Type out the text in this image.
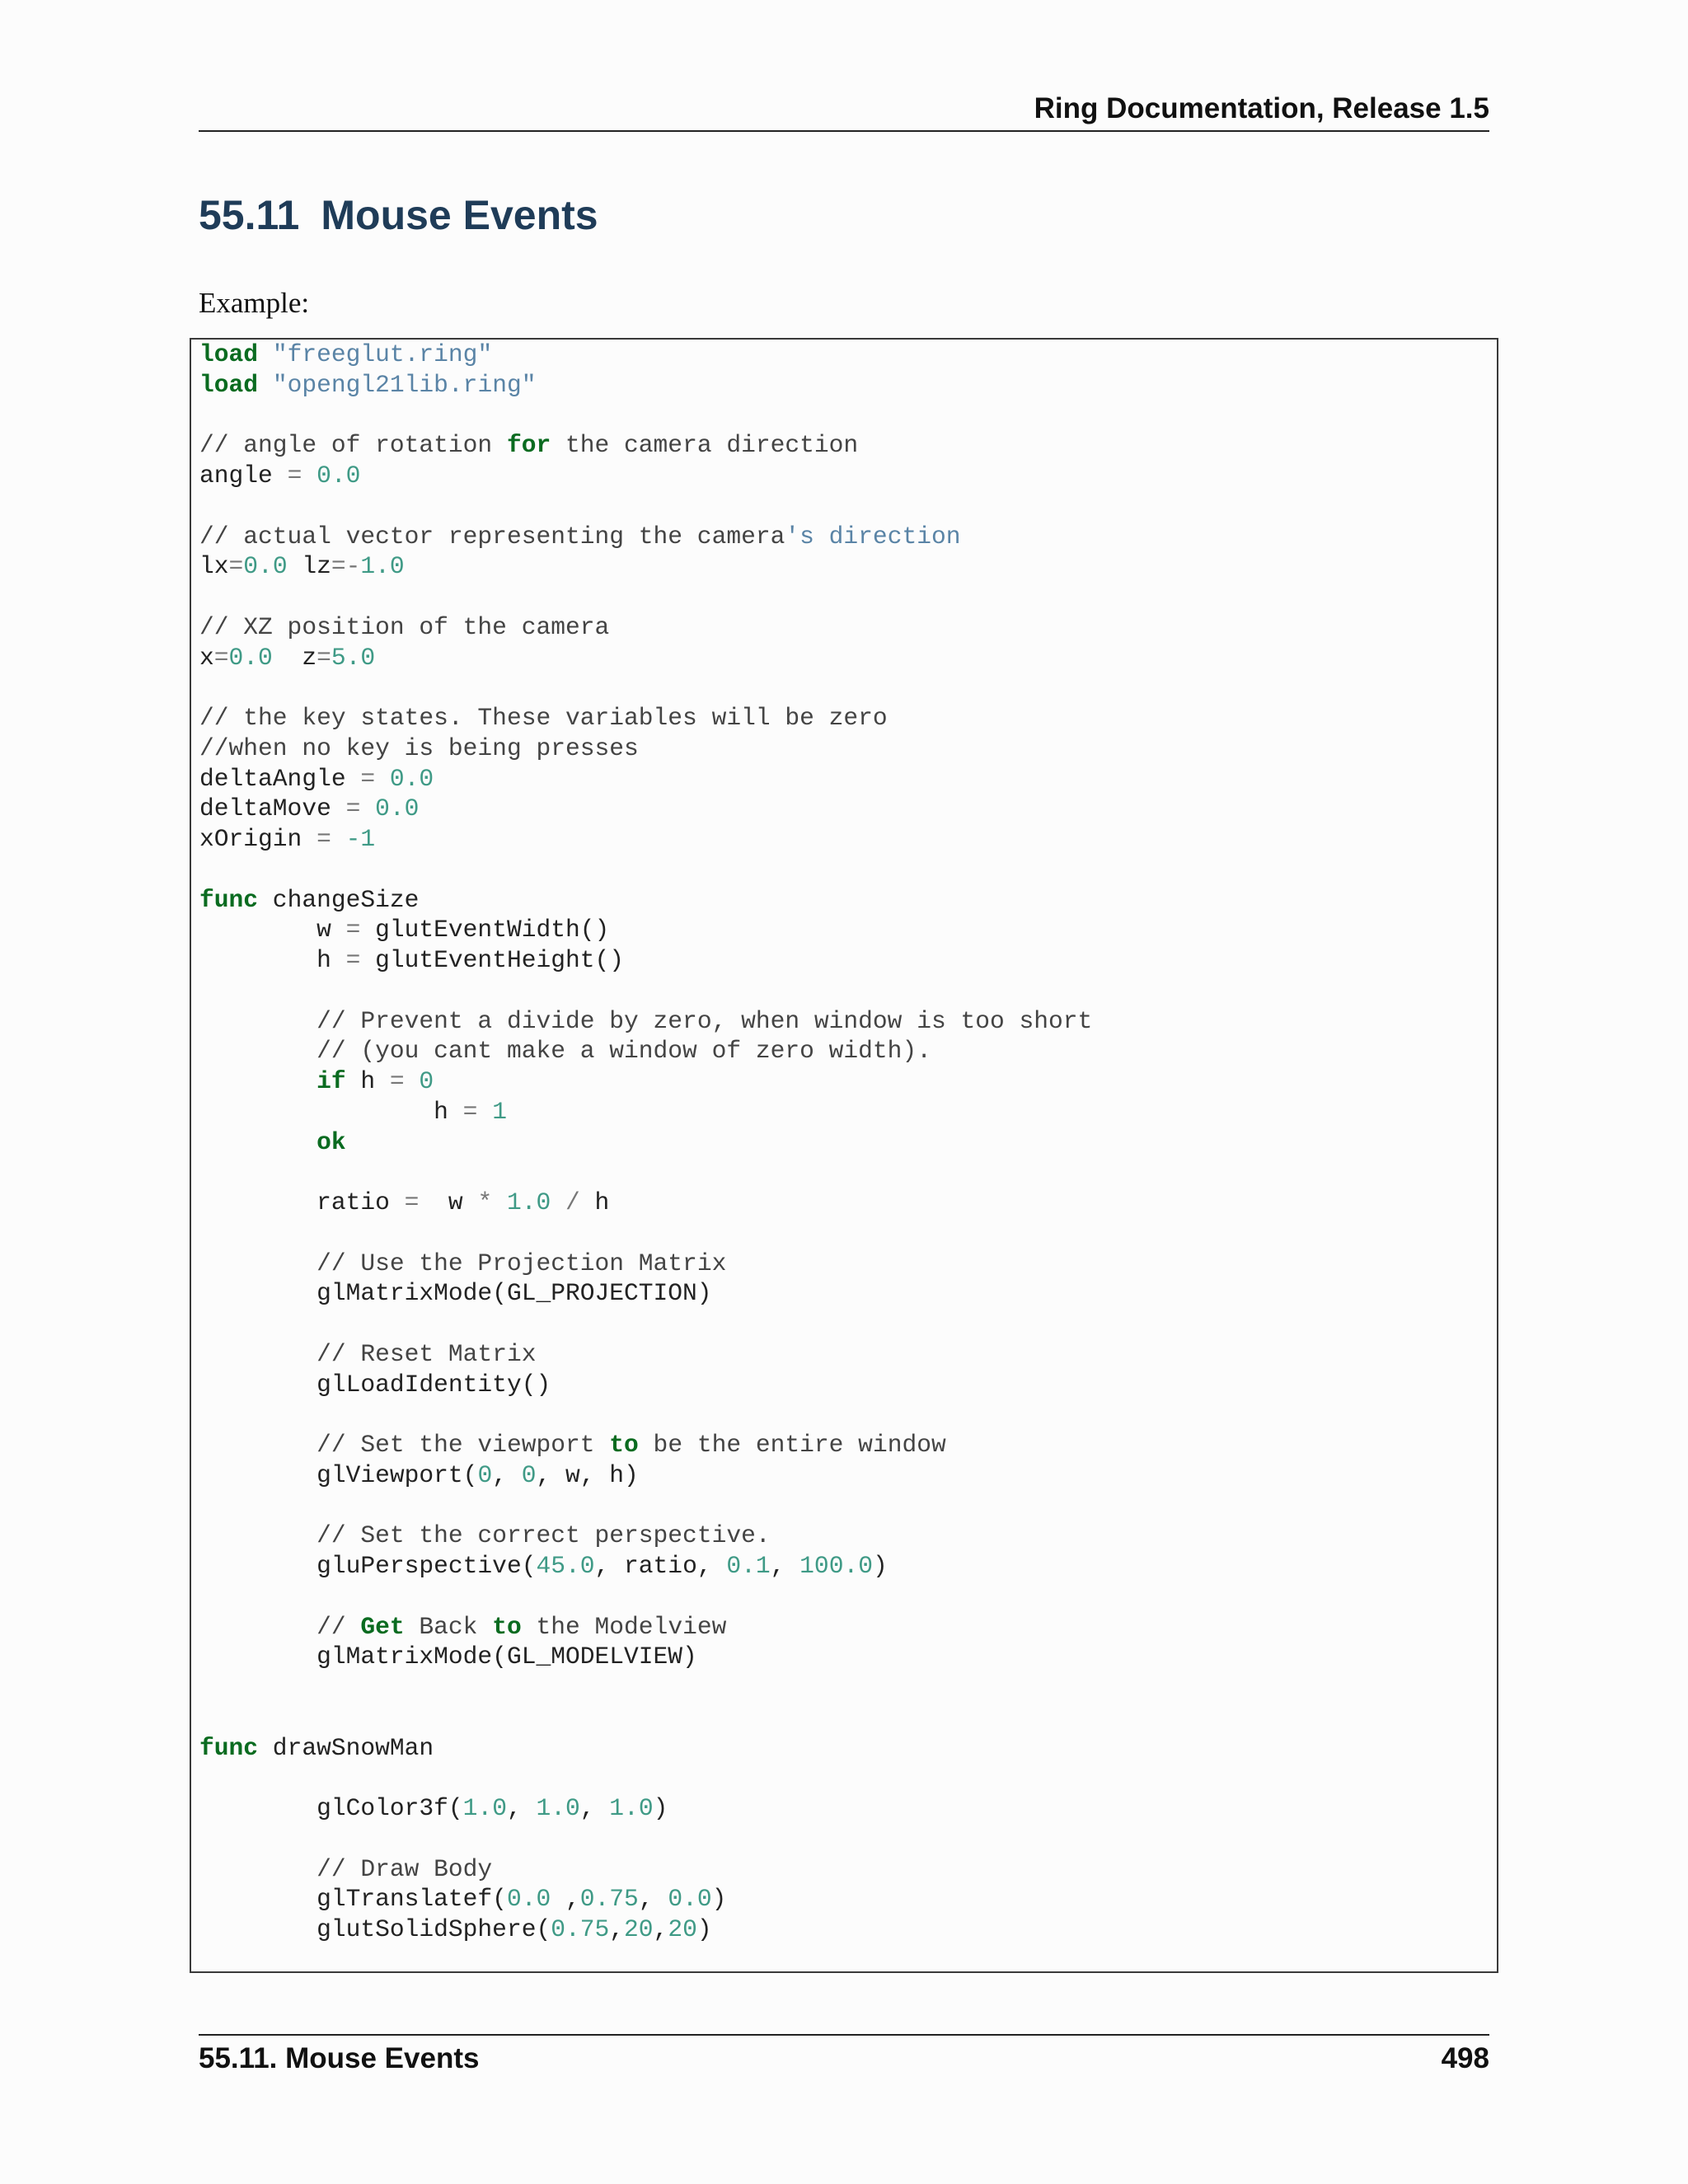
Ring Documentation, Release 1.5
55.11 Mouse Events
Example:
load "freeglut.ring"
load "opengl21lib.ring"
// angle of rotation for the camera direction
angle = 0.0
// actual vector representing the camera's direction
lx=0.0 lz=-1.0
// XZ position of the camera
x=0.0  z=5.0
// the key states. These variables will be zero
//when no key is being presses
deltaAngle = 0.0
deltaMove = 0.0
xOrigin = -1
func changeSize
w = glutEventWidth()
h = glutEventHeight()
// Prevent a divide by zero, when window is too short
// (you cant make a window of zero width).
if h = 0
h = 1
ok
ratio =  w * 1.0 / h
// Use the Projection Matrix
glMatrixMode(GL_PROJECTION)
// Reset Matrix
glLoadIdentity()
// Set the viewport to be the entire window
glViewport(0, 0, w, h)
// Set the correct perspective.
gluPerspective(45.0, ratio, 0.1, 100.0)
// Get Back to the Modelview
glMatrixMode(GL_MODELVIEW)
func drawSnowMan
glColor3f(1.0, 1.0, 1.0)
// Draw Body
glTranslatef(0.0 ,0.75, 0.0)
glutSolidSphere(0.75,20,20)
55.11. Mouse Events	498
